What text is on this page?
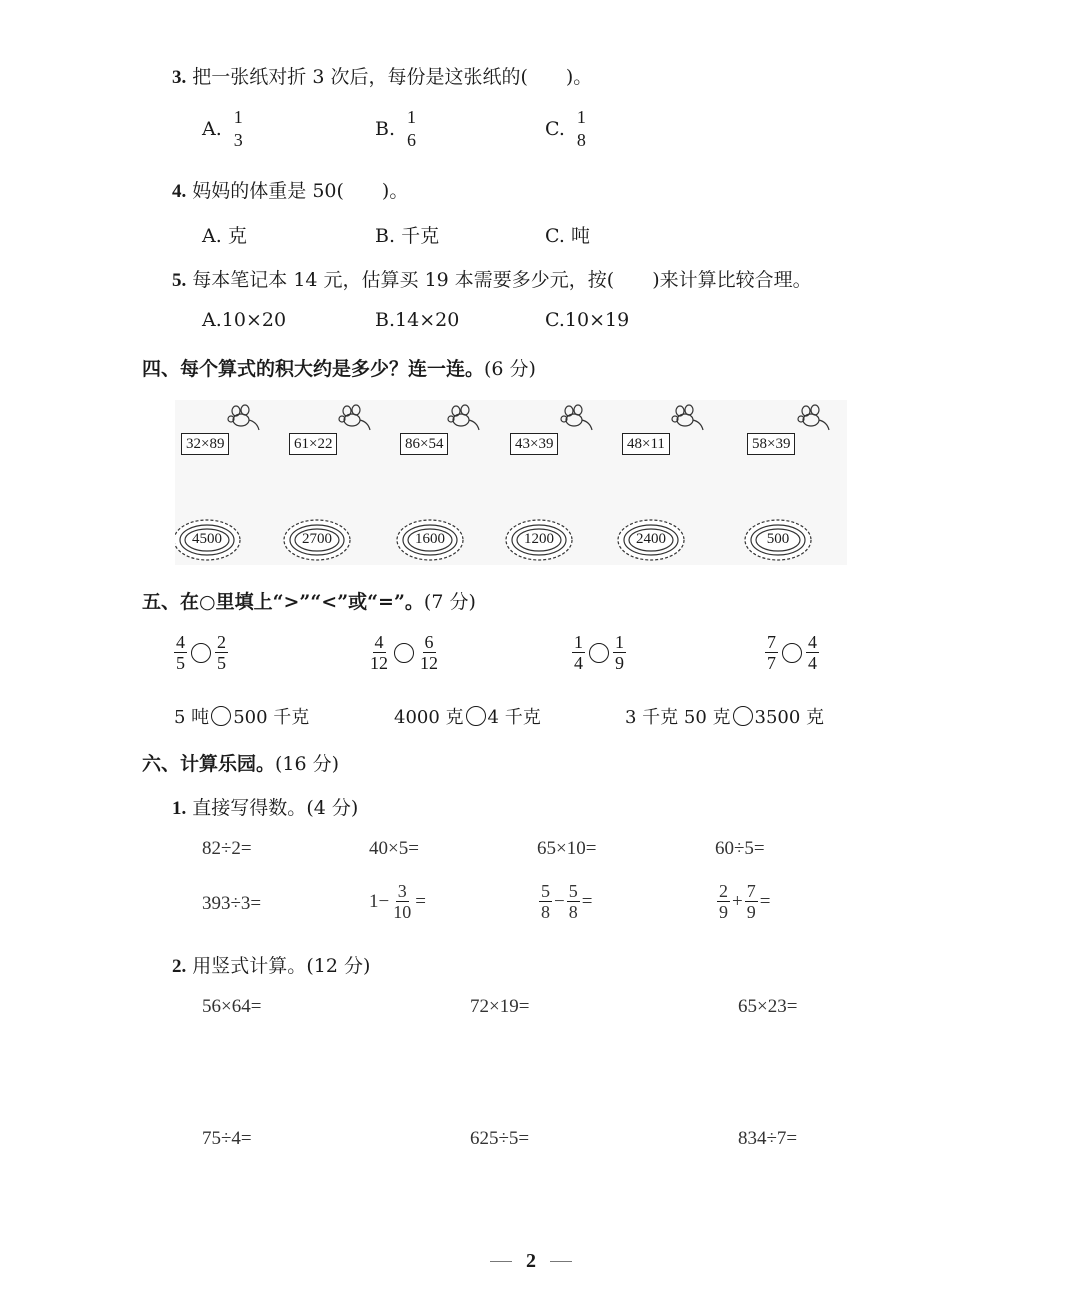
3. 把一张纸对折 3 次后，每份是这张纸的(　　)。
A.
1
3
B.
1
6
C.
1
8
4. 妈妈的体重是 50(　　)。
A. 克	B. 千克	C. 吨
5. 每本笔记本 14 元，估算买 19 本需要多少元，按(　　)来计算比较合理。
A.10×20	B.14×20	C.10×19
四、每个算式的积大约是多少？连一连。(6 分)
32×89	61×22	86×54	43×39	48×11	58×39
4500	2700	1600	1200	2400	500
五、在○里填上“>”“<”或“=”。(7 分)
$\frac{4}{5} \frac{2}{5}$	$\frac{4}{12} \frac{6}{12}$	$\frac{1}{4} \frac{1}{9}$	$\frac{7}{7} \frac{4}{4}$
5 吨 500 千克	4000 克 4 千克	3 千克 50 克 3500 克
六、计算乐园。(16 分)
1. 直接写得数。(4 分)
82÷2=	40×5=	65×10=	60÷5=
393÷3=	$1- \frac{3}{10}$ =	$\frac{5}{8} - \frac{5}{8}$ =	$\frac{2}{9} + \frac{7}{9}$ =
2. 用竖式计算。(12 分)
56×64=	72×19=	65×23=
75÷4=	625÷5=	834÷7=
2
